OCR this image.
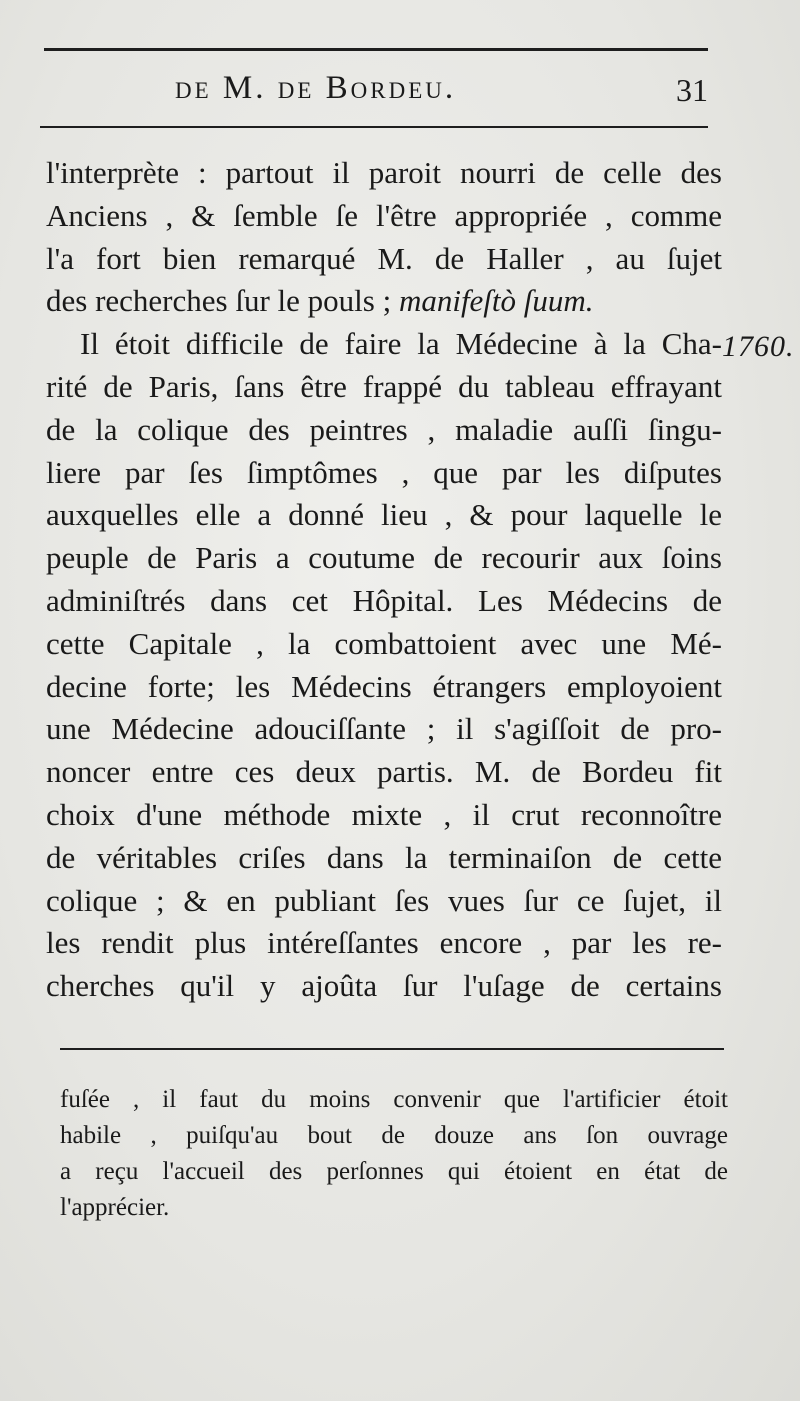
de M. de Bordeu.	31
1760.
l'interprète : partout il paroit nourri de celle des
Anciens , & ſemble ſe l'être appropriée , comme
l'a fort bien remarqué M. de Haller , au ſujet
des recherches ſur le pouls ; manifeſtò ſuum.
Il étoit difficile de faire la Médecine à la Cha-
rité de Paris, ſans être frappé du tableau effrayant
de la colique des peintres , maladie auſſi ſingu-
liere par ſes ſimptômes , que par les diſputes
auxquelles elle a donné lieu , & pour laquelle le
peuple de Paris a coutume de recourir aux ſoins
adminiſtrés dans cet Hôpital. Les Médecins de
cette Capitale , la combattoient avec une Mé-
decine forte; les Médecins étrangers employoient
une Médecine adouciſſante ; il s'agiſſoit de pro-
noncer entre ces deux partis. M. de Bordeu fit
choix d'une méthode mixte , il crut reconnoître
de véritables criſes dans la terminaiſon de cette
colique ; & en publiant ſes vues ſur ce ſujet, il
les rendit plus intéreſſantes encore , par les re-
cherches qu'il y ajoûta ſur l'uſage de certains
fuſée , il faut du moins convenir que l'artificier étoit
habile , puiſqu'au bout de douze ans ſon ouvrage
a reçu l'accueil des perſonnes qui étoient en état de
l'apprécier.
